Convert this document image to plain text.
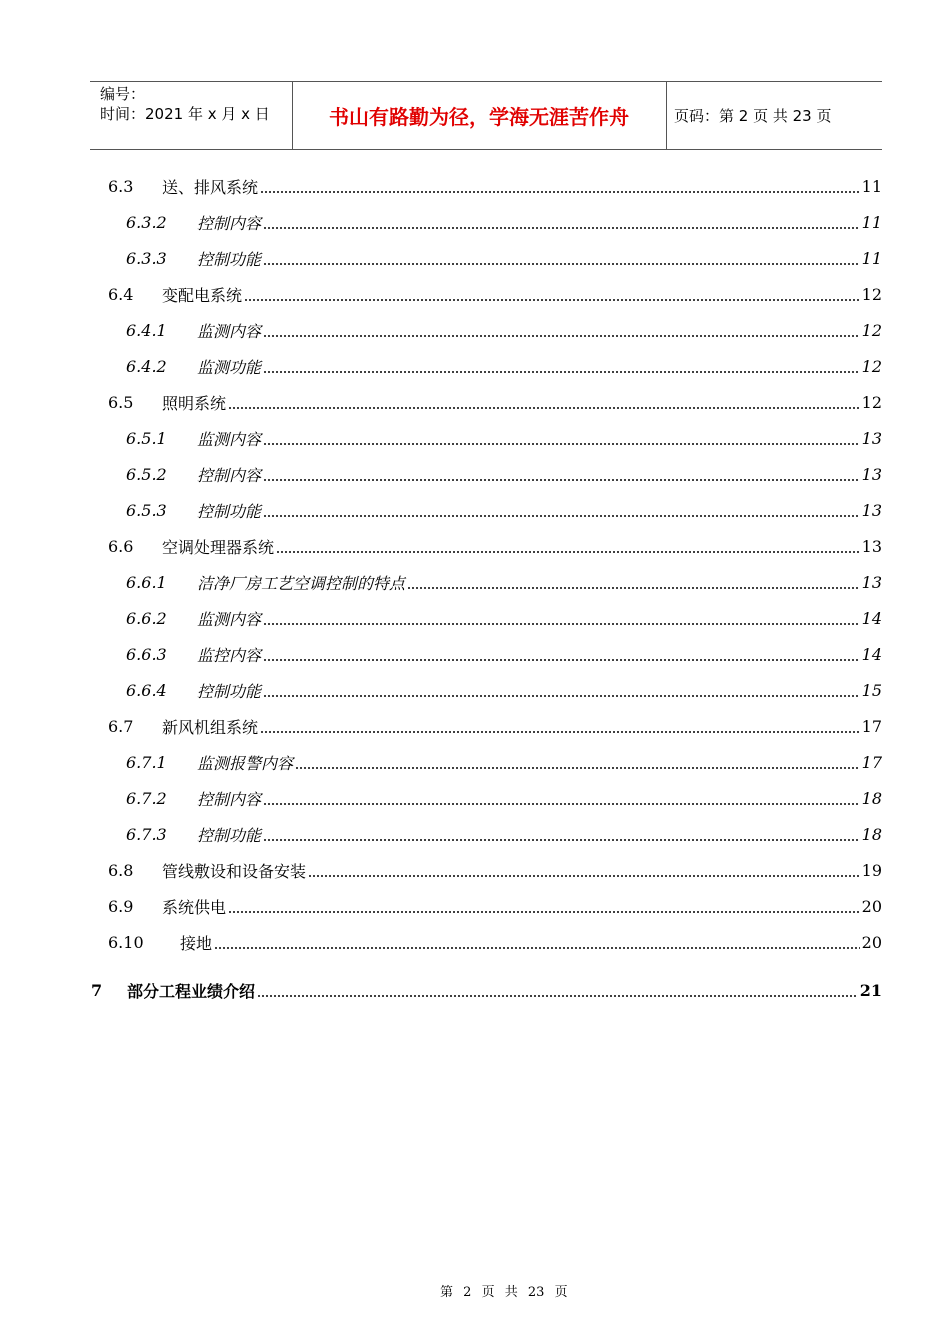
编号：
时间：2021 年 x 月 x 日	书山有路勤为径，学海无涯苦作舟	页码：第 2 页 共 23 页
6.3	送、排风系统	11
6.3.2	控制内容	11
6.3.3	控制功能	11
6.4	变配电系统	12
6.4.1	监测内容	12
6.4.2	监测功能	12
6.5	照明系统	12
6.5.1	监测内容	13
6.5.2	控制内容	13
6.5.3	控制功能	13
6.6	空调处理器系统	13
6.6.1	洁净厂房工艺空调控制的特点	13
6.6.2	监测内容	14
6.6.3	监控内容	14
6.6.4	控制功能	15
6.7	新风机组系统	17
6.7.1	监测报警内容	17
6.7.2	控制内容	18
6.7.3	控制功能	18
6.8	管线敷设和设备安装	19
6.9	系统供电	20
6.10	接地	20
7	部分工程业绩介绍	21
第 2 页 共 23 页
